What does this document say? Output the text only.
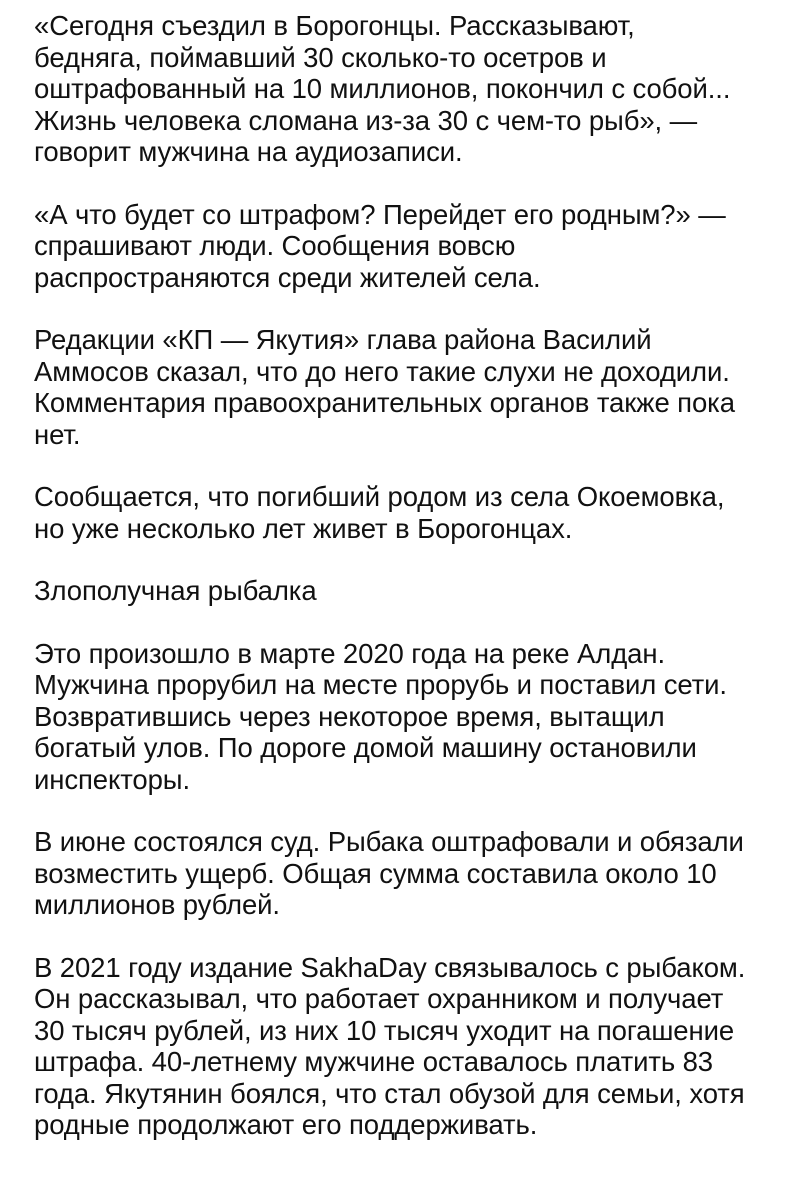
«Сегодня съездил в Борогонцы. Рассказывают,
бедняга, поймавший 30 сколько-то осетров и
оштрафованный на 10 миллионов, покончил с собой...
Жизнь человека сломана из-за 30 с чем-то рыб», —
говорит мужчина на аудиозаписи.

«А что будет со штрафом? Перейдет его родным?» —
спрашивают люди. Сообщения вовсю
распространяются среди жителей села.

Редакции «КП — Якутия» глава района Василий
Аммосов сказал, что до него такие слухи не доходили.
Комментария правоохранительных органов также пока
нет.

Сообщается, что погибший родом из села Окоемовка,
но уже несколько лет живет в Борогонцах.

Злополучная рыбалка

Это произошло в марте 2020 года на реке Алдан.
Мужчина прорубил на месте прорубь и поставил сети.
Возвратившись через некоторое время, вытащил
богатый улов. По дороге домой машину остановили
инспекторы.

В июне состоялся суд. Рыбака оштрафовали и обязали
возместить ущерб. Общая сумма составила около 10
миллионов рублей.

В 2021 году издание SakhaDay связывалось с рыбаком.
Он рассказывал, что работает охранником и получает
30 тысяч рублей, из них 10 тысяч уходит на погашение
штрафа. 40-летнему мужчине оставалось платить 83
года. Якутянин боялся, что стал обузой для семьи, хотя
родные продолжают его поддерживать.
